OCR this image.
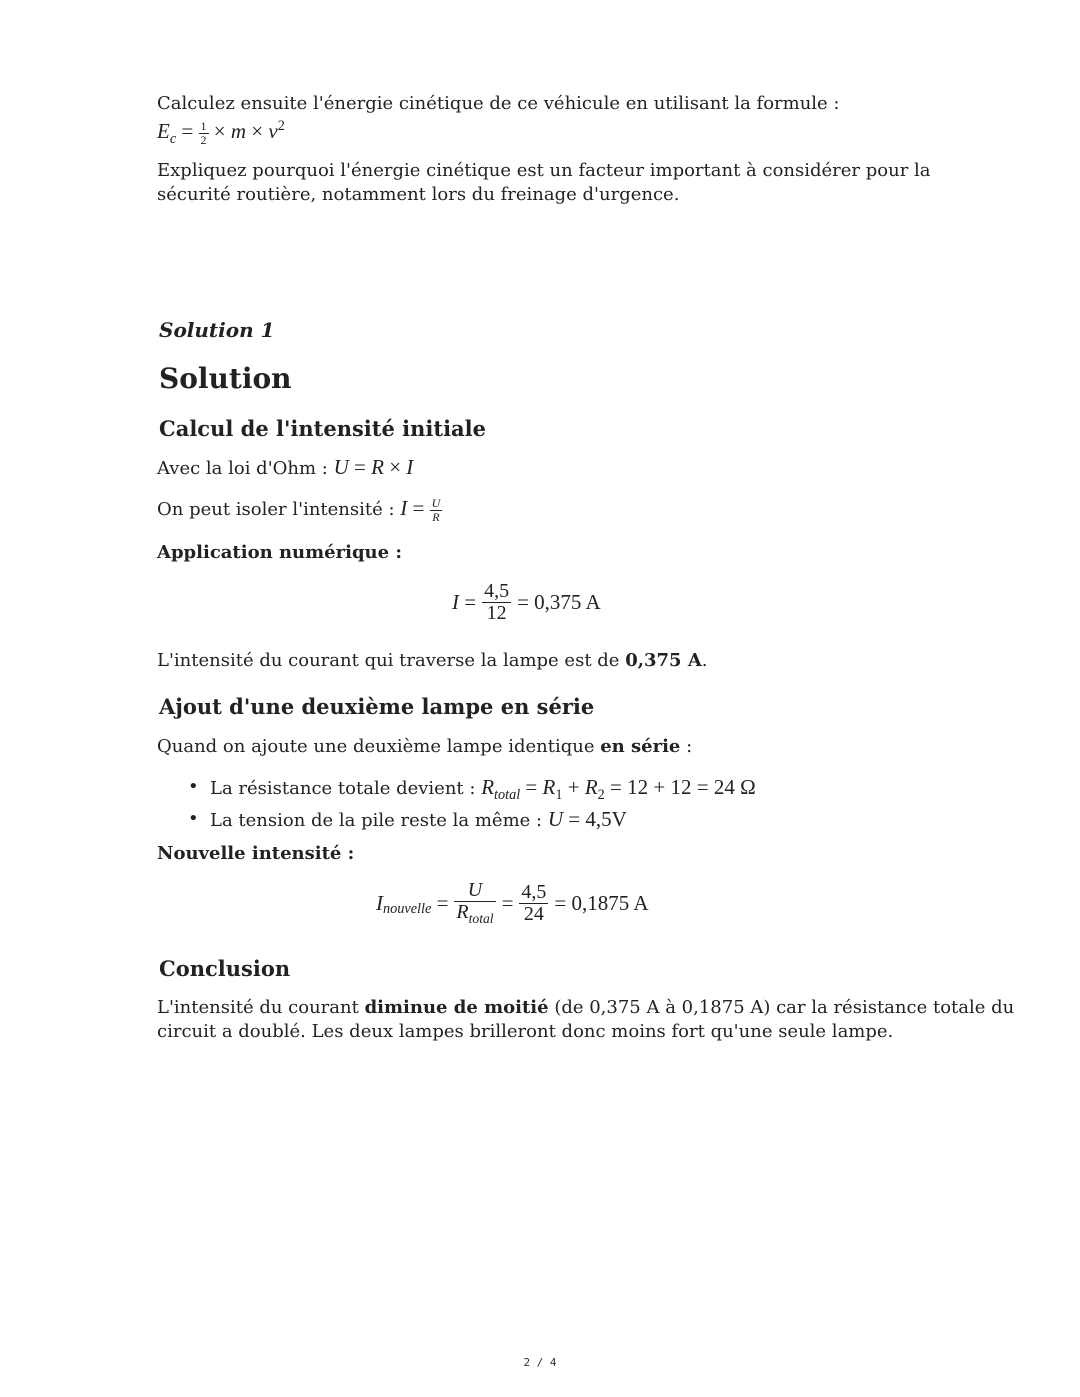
Calculez ensuite l'énergie cinétique de ce véhicule en utilisant la formule :
$E_c = \frac{1}{2} \times m \times v^2$
Expliquez pourquoi l'énergie cinétique est un facteur important à considérer pour la
sécurité routière, notamment lors du freinage d'urgence.
Solution 1
Solution
Calcul de l'intensité initiale
Avec la loi d'Ohm : U = R × I
On peut isoler l'intensité : $I = \frac{U}{R}$
Application numérique :
$I = \frac{4,5}{12} = 0,375$ A
L'intensité du courant qui traverse la lampe est de 0,375 A.
Ajout d'une deuxième lampe en série
Quand on ajoute une deuxième lampe identique en série :
• La résistance totale devient : $R_{total} = R_1 + R_2 = 12 + 12 = 24$ Ω
• La tension de la pile reste la même : U = 4,5V
Nouvelle intensité :
$I_{nouvelle} = \frac{U}{R_{total}} = \frac{4,5}{24} = 0,1875$ A
Conclusion
L'intensité du courant diminue de moitié (de 0,375 A à 0,1875 A) car la résistance totale du
circuit a doublé. Les deux lampes brilleront donc moins fort qu'une seule lampe.
2 / 4
